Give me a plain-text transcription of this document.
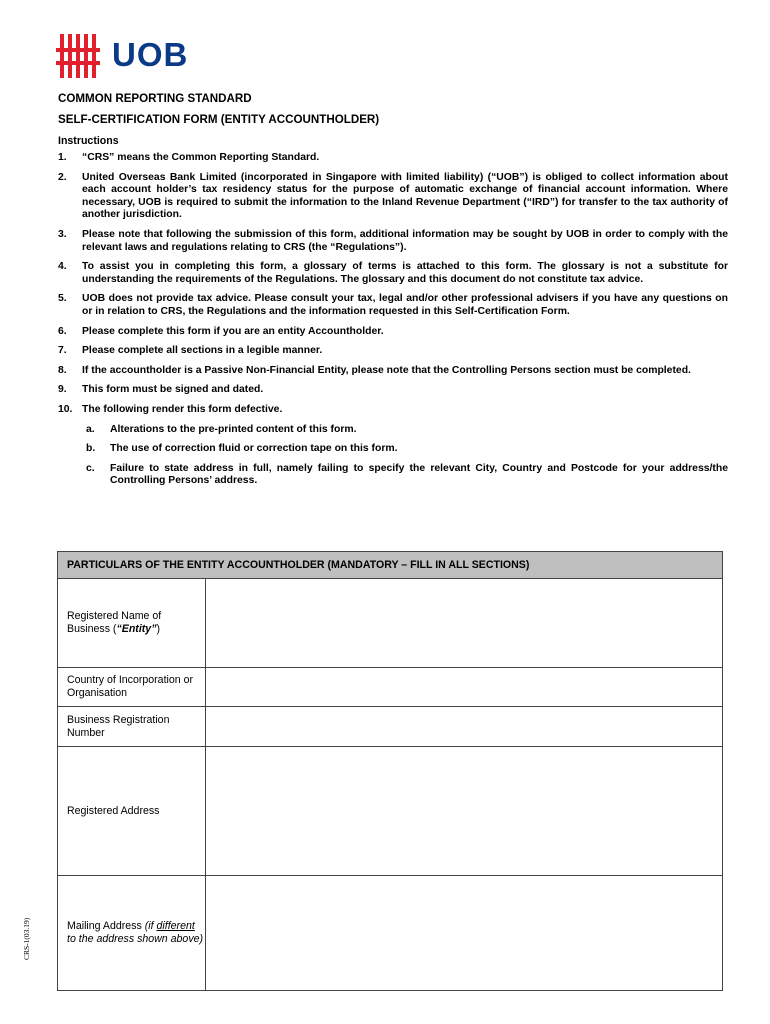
UOB
COMMON REPORTING STANDARD
SELF-CERTIFICATION FORM (ENTITY ACCOUNTHOLDER)
Instructions
1.	“CRS” means the Common Reporting Standard.
2.	United Overseas Bank Limited (incorporated in Singapore with limited liability) (“UOB”) is obliged to collect information about each account holder’s tax residency status for the purpose of automatic exchange of financial account information. Where necessary, UOB is required to submit the information to the Inland Revenue Department (“IRD”) for transfer to the tax authority of another jurisdiction.
3.	Please note that following the submission of this form, additional information may be sought by UOB in order to comply with the relevant laws and regulations relating to CRS (the “Regulations”).
4.	To assist you in completing this form, a glossary of terms is attached to this form. The glossary is not a substitute for understanding the requirements of the Regulations. The glossary and this document do not constitute tax advice.
5.	UOB does not provide tax advice. Please consult your tax, legal and/or other professional advisers if you have any questions on or in relation to CRS, the Regulations and the information requested in this Self-Certification Form.
6.	Please complete this form if you are an entity Accountholder.
7.	Please complete all sections in a legible manner.
8.	If the accountholder is a Passive Non-Financial Entity, please note that the Controlling Persons section must be completed.
9.	This form must be signed and dated.
10. The following render this form defective.
a.	Alterations to the pre-printed content of this form.
b.	The use of correction fluid or correction tape on this form.
c.	Failure to state address in full, namely failing to specify the relevant City, Country and Postcode for your address/the Controlling Persons’ address.
PARTICULARS OF THE ENTITY ACCOUNTHOLDER (MANDATORY – FILL IN ALL SECTIONS)
Registered Name of Business (“Entity”)
Country of Incorporation or Organisation
Business Registration Number
Registered Address
Mailing Address (if different to the address shown above)
CRS-1(03.19)
